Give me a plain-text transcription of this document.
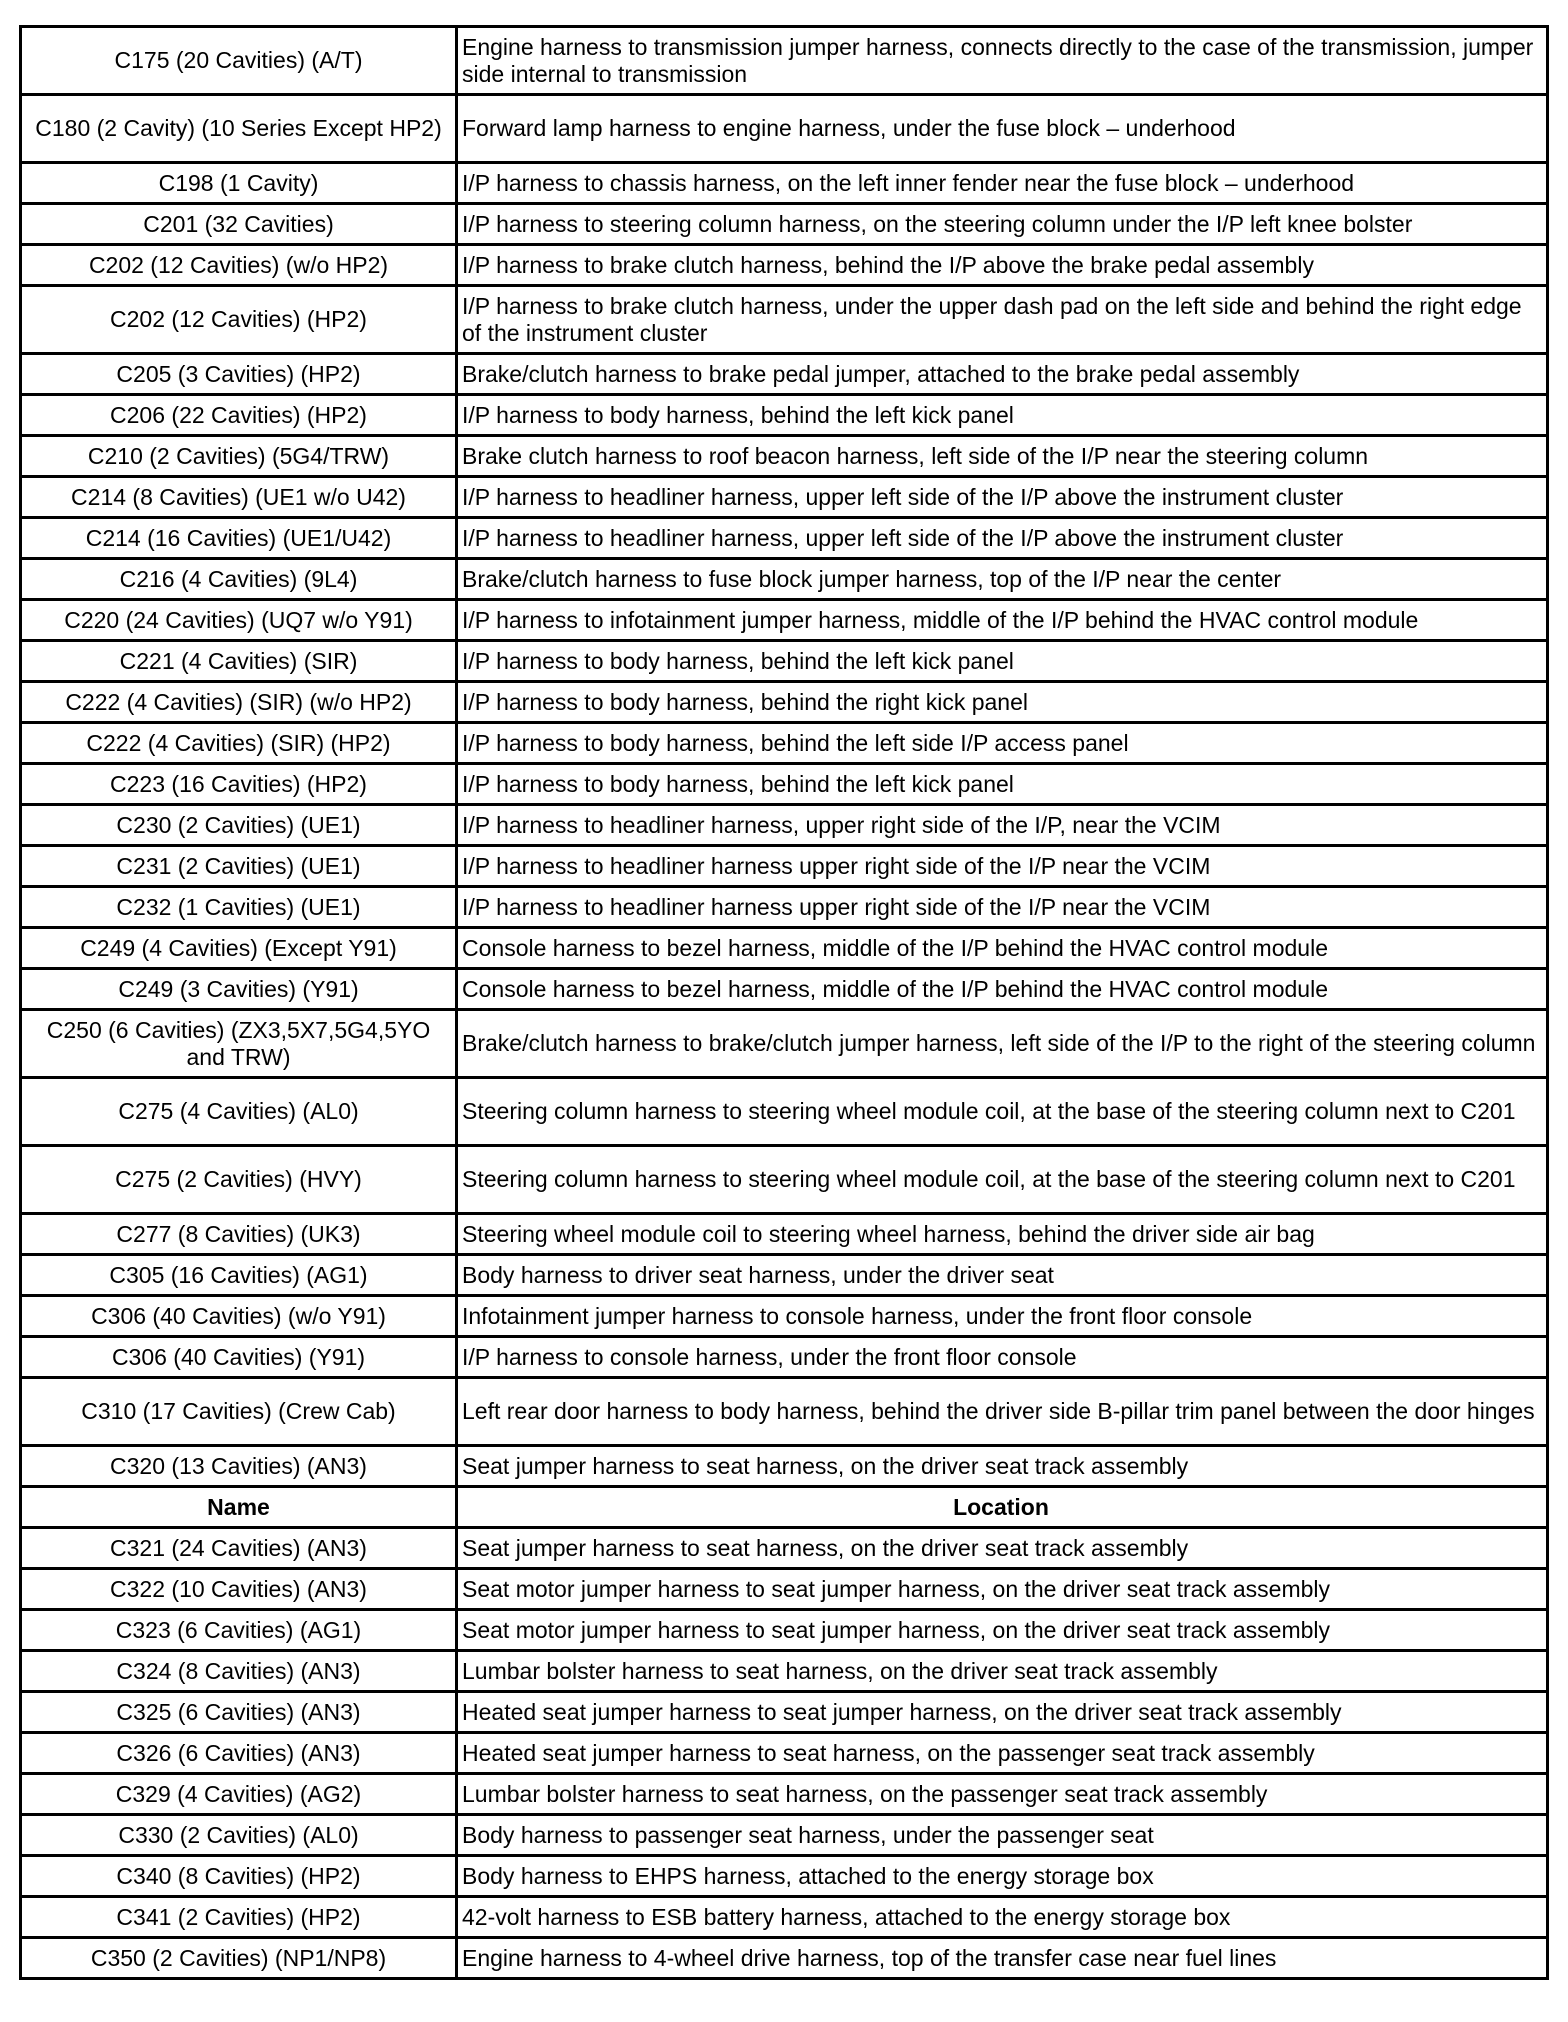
C175 (20 Cavities) (A/T)	Engine harness to transmission jumper harness, connects directly to the case of the transmission, jumper side internal to transmission
C180 (2 Cavity) (10 Series Except HP2)	Forward lamp harness to engine harness, under the fuse block – underhood
C198 (1 Cavity)	I/P harness to chassis harness, on the left inner fender near the fuse block – underhood
C201 (32 Cavities)	I/P harness to steering column harness, on the steering column under the I/P left knee bolster
C202 (12 Cavities) (w/o HP2)	I/P harness to brake clutch harness, behind the I/P above the brake pedal assembly
C202 (12 Cavities) (HP2)	I/P harness to brake clutch harness, under the upper dash pad on the left side and behind the right edge of the instrument cluster
C205 (3 Cavities) (HP2)	Brake/clutch harness to brake pedal jumper, attached to the brake pedal assembly
C206 (22 Cavities) (HP2)	I/P harness to body harness, behind the left kick panel
C210 (2 Cavities) (5G4/TRW)	Brake clutch harness to roof beacon harness, left side of the I/P near the steering column
C214 (8 Cavities) (UE1 w/o U42)	I/P harness to headliner harness, upper left side of the I/P above the instrument cluster
C214 (16 Cavities) (UE1/U42)	I/P harness to headliner harness, upper left side of the I/P above the instrument cluster
C216 (4 Cavities) (9L4)	Brake/clutch harness to fuse block jumper harness, top of the I/P near the center
C220 (24 Cavities) (UQ7 w/o Y91)	I/P harness to infotainment jumper harness, middle of the I/P behind the HVAC control module
C221 (4 Cavities) (SIR)	I/P harness to body harness, behind the left kick panel
C222 (4 Cavities) (SIR) (w/o HP2)	I/P harness to body harness, behind the right kick panel
C222 (4 Cavities) (SIR) (HP2)	I/P harness to body harness, behind the left side I/P access panel
C223 (16 Cavities) (HP2)	I/P harness to body harness, behind the left kick panel
C230 (2 Cavities) (UE1)	I/P harness to headliner harness, upper right side of the I/P, near the VCIM
C231 (2 Cavities) (UE1)	I/P harness to headliner harness upper right side of the I/P near the VCIM
C232 (1 Cavities) (UE1)	I/P harness to headliner harness upper right side of the I/P near the VCIM
C249 (4 Cavities) (Except Y91)	Console harness to bezel harness, middle of the I/P behind the HVAC control module
C249 (3 Cavities) (Y91)	Console harness to bezel harness, middle of the I/P behind the HVAC control module
C250 (6 Cavities) (ZX3,5X7,5G4,5YO and TRW)	Brake/clutch harness to brake/clutch jumper harness, left side of the I/P to the right of the steering column
C275 (4 Cavities) (AL0)	Steering column harness to steering wheel module coil, at the base of the steering column next to C201
C275 (2 Cavities) (HVY)	Steering column harness to steering wheel module coil, at the base of the steering column next to C201
C277 (8 Cavities) (UK3)	Steering wheel module coil to steering wheel harness, behind the driver side air bag
C305 (16 Cavities) (AG1)	Body harness to driver seat harness, under the driver seat
C306 (40 Cavities) (w/o Y91)	Infotainment jumper harness to console harness, under the front floor console
C306 (40 Cavities) (Y91)	I/P harness to console harness, under the front floor console
C310 (17 Cavities) (Crew Cab)	Left rear door harness to body harness, behind the driver side B-pillar trim panel between the door hinges
C320 (13 Cavities) (AN3)	Seat jumper harness to seat harness, on the driver seat track assembly
Name	Location
C321 (24 Cavities) (AN3)	Seat jumper harness to seat harness, on the driver seat track assembly
C322 (10 Cavities) (AN3)	Seat motor jumper harness to seat jumper harness, on the driver seat track assembly
C323 (6 Cavities) (AG1)	Seat motor jumper harness to seat jumper harness, on the driver seat track assembly
C324 (8 Cavities) (AN3)	Lumbar bolster harness to seat harness, on the driver seat track assembly
C325 (6 Cavities) (AN3)	Heated seat jumper harness to seat jumper harness, on the driver seat track assembly
C326 (6 Cavities) (AN3)	Heated seat jumper harness to seat harness, on the passenger seat track assembly
C329 (4 Cavities) (AG2)	Lumbar bolster harness to seat harness, on the passenger seat track assembly
C330 (2 Cavities) (AL0)	Body harness to passenger seat harness, under the passenger seat
C340 (8 Cavities) (HP2)	Body harness to EHPS harness, attached to the energy storage box
C341 (2 Cavities) (HP2)	42-volt harness to ESB battery harness, attached to the energy storage box
C350 (2 Cavities) (NP1/NP8)	Engine harness to 4-wheel drive harness, top of the transfer case near fuel lines
